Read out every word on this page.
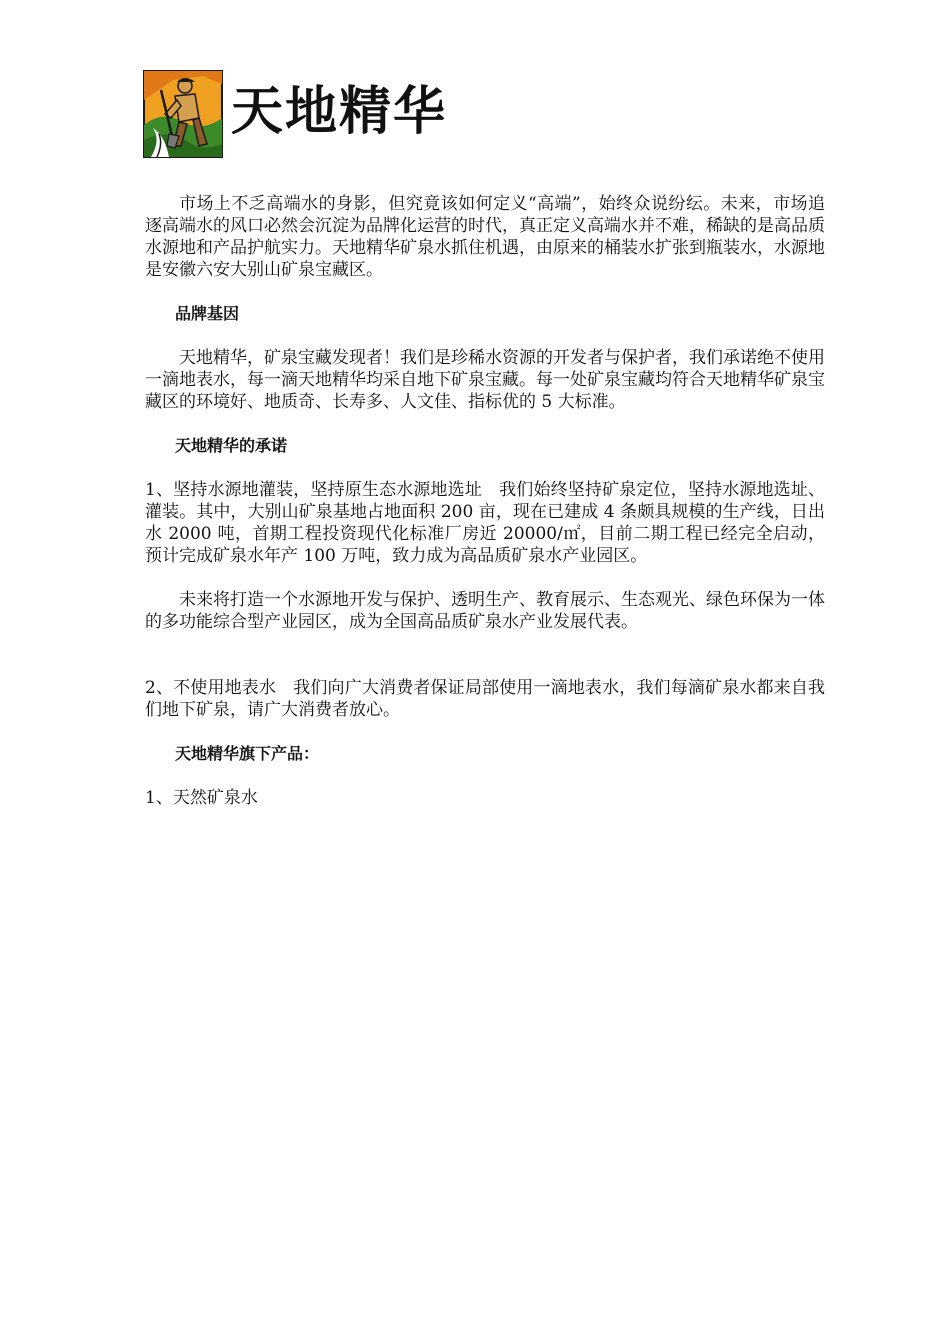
天地精华

市场上不乏高端水的身影，但究竟该如何定义“高端”，始终众说纷纭。未来，市场追逐高端水的风口必然会沉淀为品牌化运营的时代，真正定义高端水并不难，稀缺的是高品质水源地和产品护航实力。天地精华矿泉水抓住机遇，由原来的桶装水扩张到瓶装水，水源地是安徽六安大别山矿泉宝藏区。

品牌基因

天地精华，矿泉宝藏发现者！我们是珍稀水资源的开发者与保护者，我们承诺绝不使用一滴地表水，每一滴天地精华均采自地下矿泉宝藏。每一处矿泉宝藏均符合天地精华矿泉宝藏区的环境好、地质奇、长寿多、人文佳、指标优的 5 大标准。

天地精华的承诺

1、坚持水源地灌装，坚持原生态水源地选址　我们始终坚持矿泉定位，坚持水源地选址、灌装。其中，大别山矿泉基地占地面积 200 亩，现在已建成 4 条颇具规模的生产线，日出水 2000 吨，首期工程投资现代化标准厂房近 20000/㎡，目前二期工程已经完全启动，预计完成矿泉水年产 100 万吨，致力成为高品质矿泉水产业园区。

未来将打造一个水源地开发与保护、透明生产、教育展示、生态观光、绿色环保为一体的多功能综合型产业园区，成为全国高品质矿泉水产业发展代表。

2、不使用地表水　我们向广大消费者保证局部使用一滴地表水，我们每滴矿泉水都来自我们地下矿泉，请广大消费者放心。

天地精华旗下产品：

1、天然矿泉水
